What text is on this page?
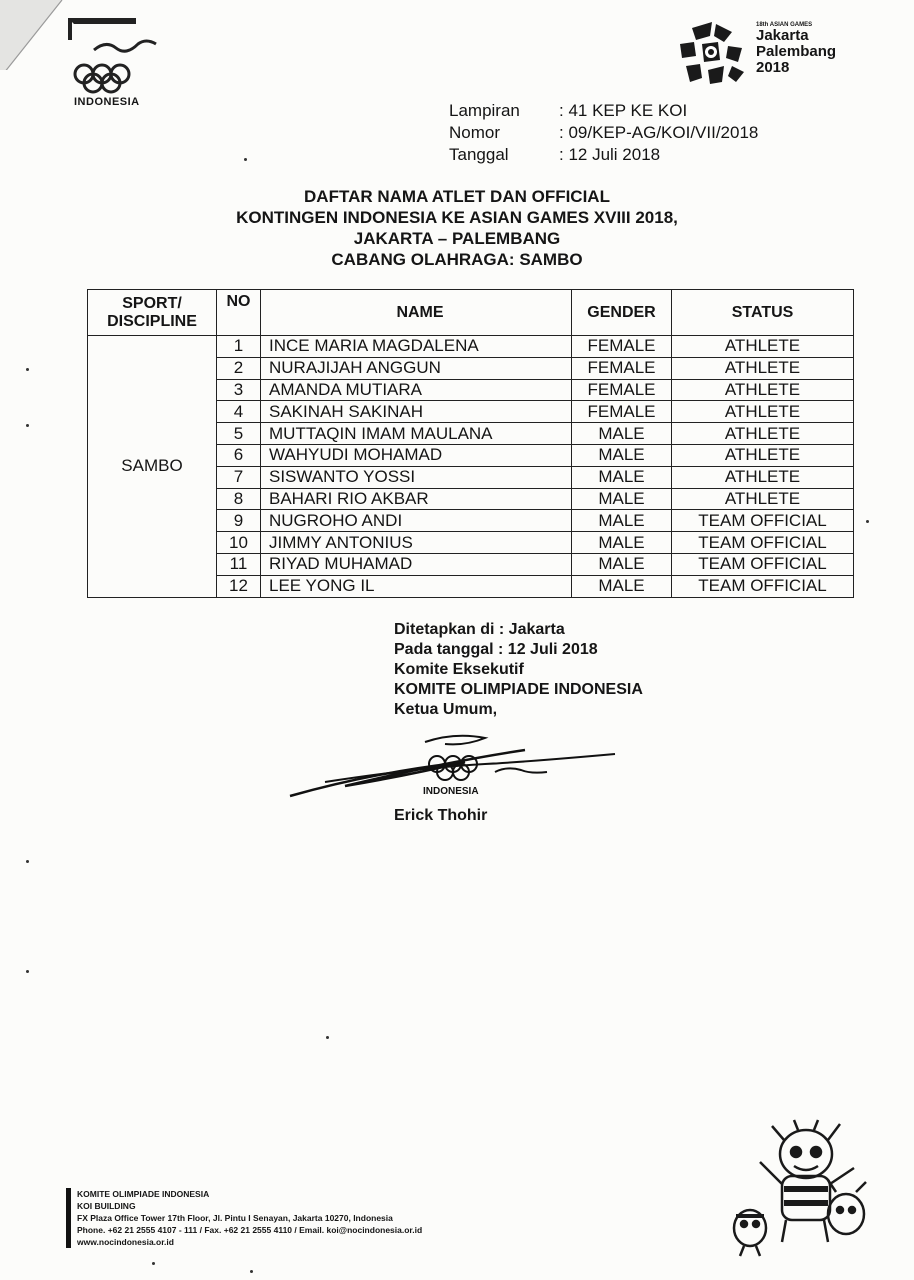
INDONESIA
18th ASIAN GAMES
Jakarta
Palembang
2018
Lampiran	: 41 KEP KE KOI
Nomor	: 09/KEP-AG/KOI/VII/2018
Tanggal	: 12 Juli 2018
DAFTAR NAMA ATLET DAN OFFICIAL
KONTINGEN INDONESIA KE ASIAN GAMES XVIII 2018,
JAKARTA – PALEMBANG
CABANG OLAHRAGA: SAMBO
SPORT/
DISCIPLINE	NO	NAME	GENDER	STATUS
SAMBO	1	INCE MARIA MAGDALENA	FEMALE	ATHLETE
	2	NURAJIJAH ANGGUN	FEMALE	ATHLETE
	3	AMANDA MUTIARA	FEMALE	ATHLETE
	4	SAKINAH SAKINAH	FEMALE	ATHLETE
	5	MUTTAQIN IMAM MAULANA	MALE	ATHLETE
	6	WAHYUDI MOHAMAD	MALE	ATHLETE
	7	SISWANTO YOSSI	MALE	ATHLETE
	8	BAHARI RIO AKBAR	MALE	ATHLETE
	9	NUGROHO ANDI	MALE	TEAM OFFICIAL
	10	JIMMY ANTONIUS	MALE	TEAM OFFICIAL
	11	RIYAD MUHAMAD	MALE	TEAM OFFICIAL
	12	LEE YONG IL	MALE	TEAM OFFICIAL
Ditetapkan di : Jakarta
Pada tanggal : 12 Juli 2018
Komite Eksekutif
KOMITE OLIMPIADE INDONESIA
Ketua Umum,
INDONESIA
Erick Thohir
KOMITE OLIMPIADE INDONESIA
KOI BUILDING
FX Plaza Office Tower 17th Floor, Jl. Pintu I Senayan, Jakarta 10270, Indonesia
Phone. +62 21 2555 4107 - 111 / Fax. +62 21 2555 4110 / Email. koi@nocindonesia.or.id
www.nocindonesia.or.id
